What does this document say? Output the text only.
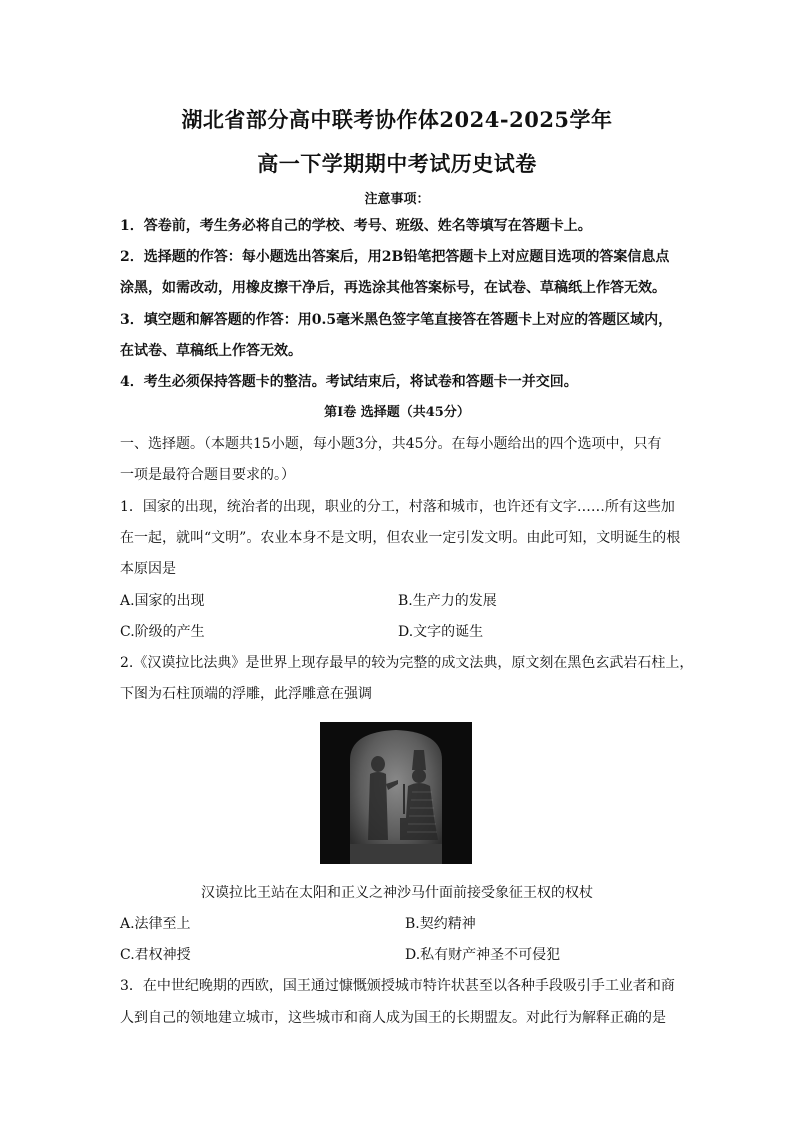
湖北省部分高中联考协作体2024-2025学年
高一下学期期中考试历史试卷
注意事项：
1．答卷前，考生务必将自己的学校、考号、班级、姓名等填写在答题卡上。
2．选择题的作答：每小题选出答案后，用2B铅笔把答题卡上对应题目选项的答案信息点
涂黑，如需改动，用橡皮擦干净后，再选涂其他答案标号，在试卷、草稿纸上作答无效。
3．填空题和解答题的作答：用0.5毫米黑色签字笔直接答在答题卡上对应的答题区域内，
在试卷、草稿纸上作答无效。
4．考生必须保持答题卡的整洁。考试结束后，将试卷和答题卡一并交回。
第Ⅰ卷 选择题（共45分）
一、选择题。（本题共15小题，每小题3分，共45分。在每小题给出的四个选项中，只有
一项是最符合题目要求的。）
1．国家的出现，统治者的出现，职业的分工，村落和城市，也许还有文字……所有这些加
在一起，就叫“文明”。农业本身不是文明，但农业一定引发文明。由此可知，文明诞生的根
本原因是
A.国家的出现	B.生产力的发展
C.阶级的产生	D.文字的诞生
2.《汉谟拉比法典》是世界上现存最早的较为完整的成文法典，原文刻在黑色玄武岩石柱上，
下图为石柱顶端的浮雕，此浮雕意在强调
汉谟拉比王站在太阳和正义之神沙马什面前接受象征王权的权杖
A.法律至上	B.契约精神
C.君权神授	D.私有财产神圣不可侵犯
3．在中世纪晚期的西欧，国王通过慷慨颁授城市特许状甚至以各种手段吸引手工业者和商
人到自己的领地建立城市，这些城市和商人成为国王的长期盟友。对此行为解释正确的是
